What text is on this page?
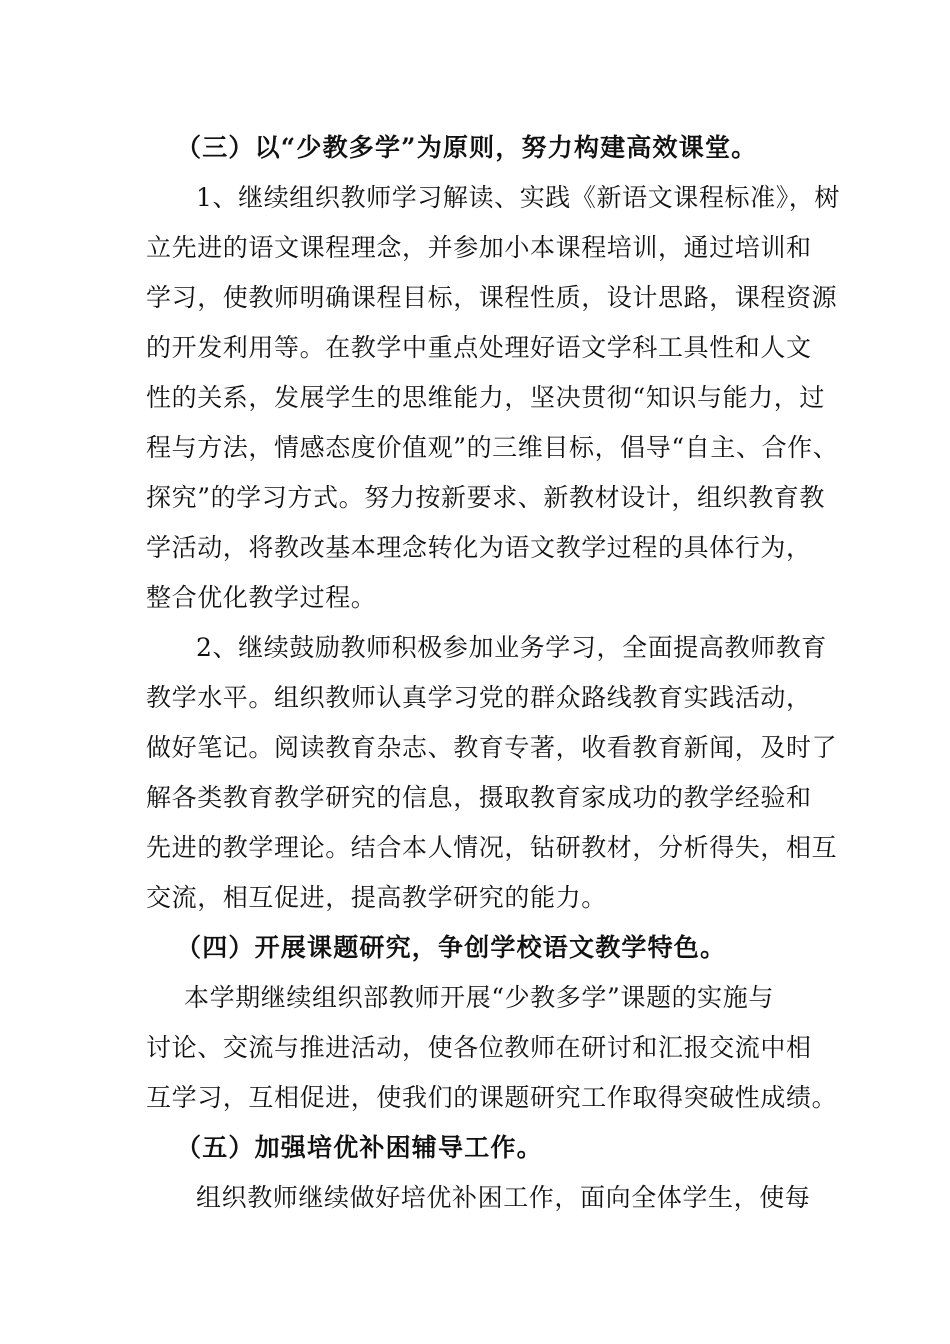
（三）以“少教多学”为原则，努力构建高效课堂。
1、继续组织教师学习解读、实践《新语文课程标准》，树
立先进的语文课程理念，并参加小本课程培训，通过培训和
学习，使教师明确课程目标，课程性质，设计思路，课程资源
的开发利用等。在教学中重点处理好语文学科工具性和人文
性的关系，发展学生的思维能力，坚决贯彻“知识与能力，过
程与方法，情感态度价值观”的三维目标，倡导“自主、合作、
探究”的学习方式。努力按新要求、新教材设计，组织教育教
学活动，将教改基本理念转化为语文教学过程的具体行为，
整合优化教学过程。
2、继续鼓励教师积极参加业务学习，全面提高教师教育
教学水平。组织教师认真学习党的群众路线教育实践活动，
做好笔记。阅读教育杂志、教育专著，收看教育新闻，及时了
解各类教育教学研究的信息，摄取教育家成功的教学经验和
先进的教学理论。结合本人情况，钻研教材，分析得失，相互
交流，相互促进，提高教学研究的能力。
（四）开展课题研究，争创学校语文教学特色。
本学期继续组织部教师开展“少教多学”课题的实施与
讨论、交流与推进活动，使各位教师在研讨和汇报交流中相
互学习，互相促进，使我们的课题研究工作取得突破性成绩。
（五）加强培优补困辅导工作。
组织教师继续做好培优补困工作，面向全体学生，使每
